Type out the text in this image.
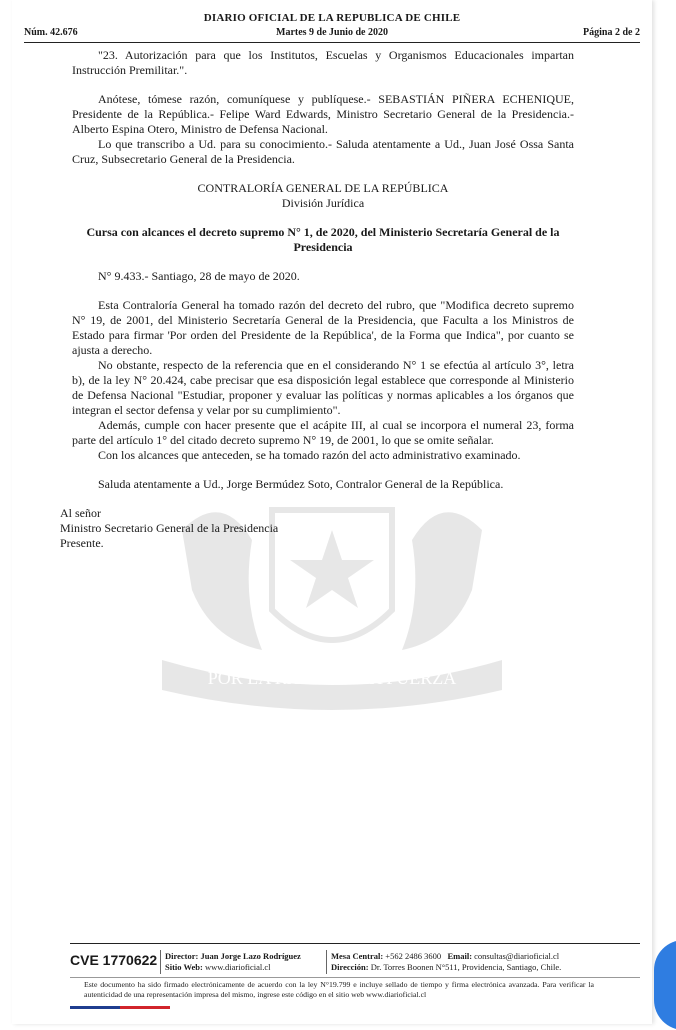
DIARIO OFICIAL DE LA REPUBLICA DE CHILE
Núm. 42.676	Martes 9 de Junio de 2020	Página 2 de 2
POR LA RAZON O LA FUERZA

"23. Autorización para que los Institutos, Escuelas y Organismos Educacionales impartan Instrucción Premilitar.".

Anótese, tómese razón, comuníquese y publíquese.- SEBASTIÁN PIÑERA ECHENIQUE, Presidente de la República.- Felipe Ward Edwards, Ministro Secretario General de la Presidencia.- Alberto Espina Otero, Ministro de Defensa Nacional.

Lo que transcribo a Ud. para su conocimiento.- Saluda atentamente a Ud., Juan José Ossa Santa Cruz, Subsecretario General de la Presidencia.

CONTRALORÍA GENERAL DE LA REPÚBLICA

División Jurídica

Cursa con alcances el decreto supremo N° 1, de 2020, del Ministerio Secretaría General de la Presidencia

N° 9.433.- Santiago, 28 de mayo de 2020.

Esta Contraloría General ha tomado razón del decreto del rubro, que "Modifica decreto supremo N° 19, de 2001, del Ministerio Secretaría General de la Presidencia, que Faculta a los Ministros de Estado para firmar 'Por orden del Presidente de la República', de la Forma que Indica", por cuanto se ajusta a derecho.

No obstante, respecto de la referencia que en el considerando N° 1 se efectúa al artículo 3°, letra b), de la ley N° 20.424, cabe precisar que esa disposición legal establece que corresponde al Ministerio de Defensa Nacional "Estudiar, proponer y evaluar las políticas y normas aplicables a los órganos que integran el sector defensa y velar por su cumplimiento".

Además, cumple con hacer presente que el acápite III, al cual se incorpora el numeral 23, forma parte del artículo 1° del citado decreto supremo N° 19, de 2001, lo que se omite señalar.

Con los alcances que anteceden, se ha tomado razón del acto administrativo examinado.

Saluda atentamente a Ud., Jorge Bermúdez Soto, Contralor General de la República.

Al señor

Ministro Secretario General de la Presidencia

Presente.

CVE 1770622 Director: Juan Jorge Lazo Rodríguez
Sitio Web: www.diarioficial.cl
Mesa Central: +562 2486 3600 Email: consultas@diarioficial.cl
Dirección: Dr. Torres Boonen N°511, Providencia, Santiago, Chile.
Este documento ha sido firmado electrónicamente de acuerdo con la ley N°19.799 e incluye sellado de tiempo y firma electrónica avanzada. Para verificar la autenticidad de una representación impresa del mismo, ingrese este código en el sitio web www.diarioficial.cl
